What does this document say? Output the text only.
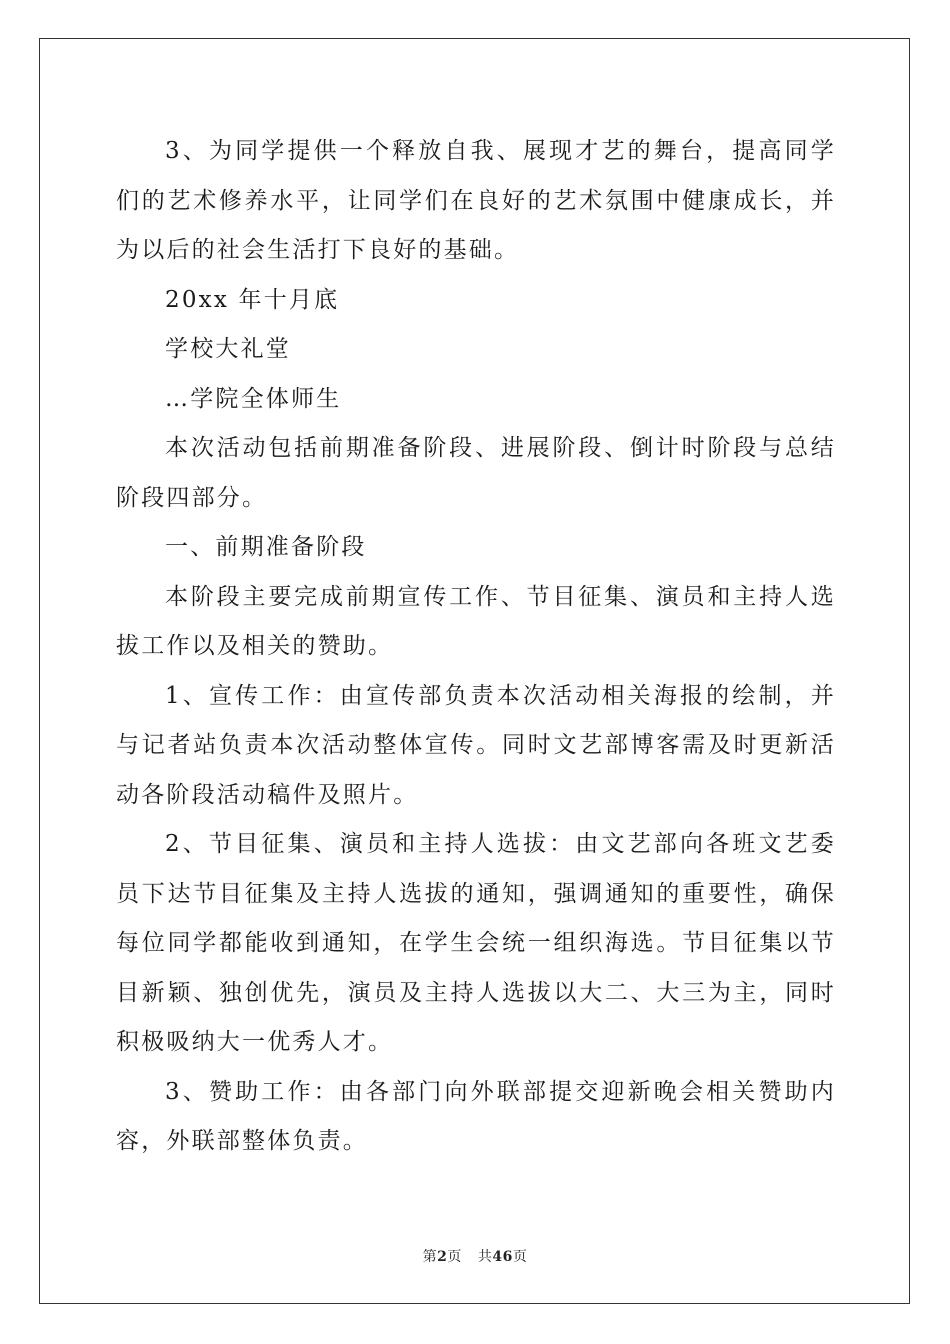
3、为同学提供一个释放自我、展现才艺的舞台，提高同学们的艺术修养水平，让同学们在良好的艺术氛围中健康成长，并为以后的社会生活打下良好的基础。

20xx 年十月底

学校大礼堂

…学院全体师生

本次活动包括前期准备阶段、进展阶段、倒计时阶段与总结阶段四部分。

一、前期准备阶段

本阶段主要完成前期宣传工作、节目征集、演员和主持人选拔工作以及相关的赞助。

1、宣传工作：由宣传部负责本次活动相关海报的绘制，并与记者站负责本次活动整体宣传。同时文艺部博客需及时更新活动各阶段活动稿件及照片。

2、节目征集、演员和主持人选拔：由文艺部向各班文艺委员下达节目征集及主持人选拔的通知，强调通知的重要性，确保每位同学都能收到通知，在学生会统一组织海选。节目征集以节目新颖、独创优先，演员及主持人选拔以大二、大三为主，同时积极吸纳大一优秀人才。

3、赞助工作：由各部门向外联部提交迎新晚会相关赞助内容，外联部整体负责。

第2页 共46页
